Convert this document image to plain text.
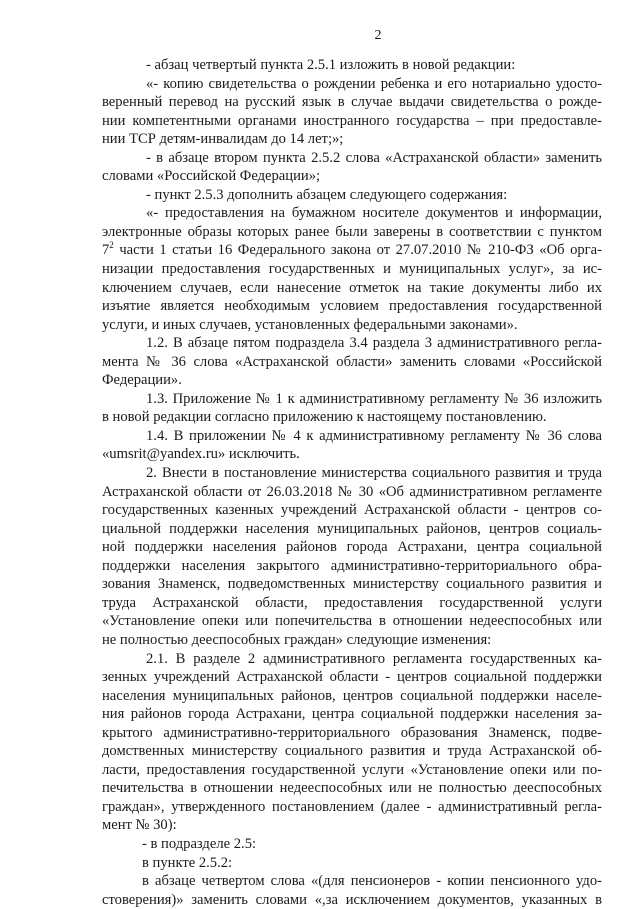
2
- абзац четвертый пункта 2.5.1 изложить в новой редакции:
«- копию свидетельства о рождении ребенка и его нотариально удосто-
веренный перевод на русский язык в случае выдачи свидетельства о рожде-
нии компетентными органами иностранного государства – при предоставле-
нии ТСР детям-инвалидам до 14 лет;»;
- в абзаце втором пункта 2.5.2 слова «Астраханской области» заменить
словами «Российской Федерации»;
- пункт 2.5.3 дополнить абзацем следующего содержания:
«- предоставления на бумажном носителе документов и информации,
электронные образы которых ранее были заверены в соответствии с пунктом
$7^2$ части 1 статьи 16 Федерального закона от 27.07.2010 № 210-ФЗ «Об орга-
низации предоставления государственных и муниципальных услуг», за ис-
ключением случаев, если нанесение отметок на такие документы либо их
изъятие является необходимым условием предоставления государственной
услуги, и иных случаев, установленных федеральными законами».
1.2. В абзаце пятом подраздела 3.4 раздела 3 административного регла-
мента № 36 слова «Астраханской области» заменить словами «Российской
Федерации».
1.3. Приложение № 1 к административному регламенту № 36 изложить
в новой редакции согласно приложению к настоящему постановлению.
1.4. В приложении № 4 к административному регламенту № 36 слова
«umsrit@yandex.ru» исключить.
2. Внести в постановление министерства социального развития и труда
Астраханской области от 26.03.2018 № 30 «Об административном регламенте
государственных казенных учреждений Астраханской области - центров со-
циальной поддержки населения муниципальных районов, центров социаль-
ной поддержки населения районов города Астрахани, центра социальной
поддержки населения закрытого административно-территориального обра-
зования Знаменск, подведомственных министерству социального развития и
труда Астраханской области, предоставления государственной услуги
«Установление опеки или попечительства в отношении недееспособных или
не полностью дееспособных граждан» следующие изменения:
2.1. В разделе 2 административного регламента государственных ка-
зенных учреждений Астраханской области - центров социальной поддержки
населения муниципальных районов, центров социальной поддержки населе-
ния районов города Астрахани, центра социальной поддержки населения за-
крытого административно-территориального образования Знаменск, подве-
домственных министерству социального развития и труда Астраханской об-
ласти, предоставления государственной услуги «Установление опеки или по-
печительства в отношении недееспособных или не полностью дееспособных
граждан», утвержденного постановлением (далее - административный регла-
мент № 30):
- в подразделе 2.5:
в пункте 2.5.2:
в абзаце четвертом слова «(для пенсионеров - копии пенсионного удо-
стоверения)» заменить словами «,за исключением документов, указанных в
